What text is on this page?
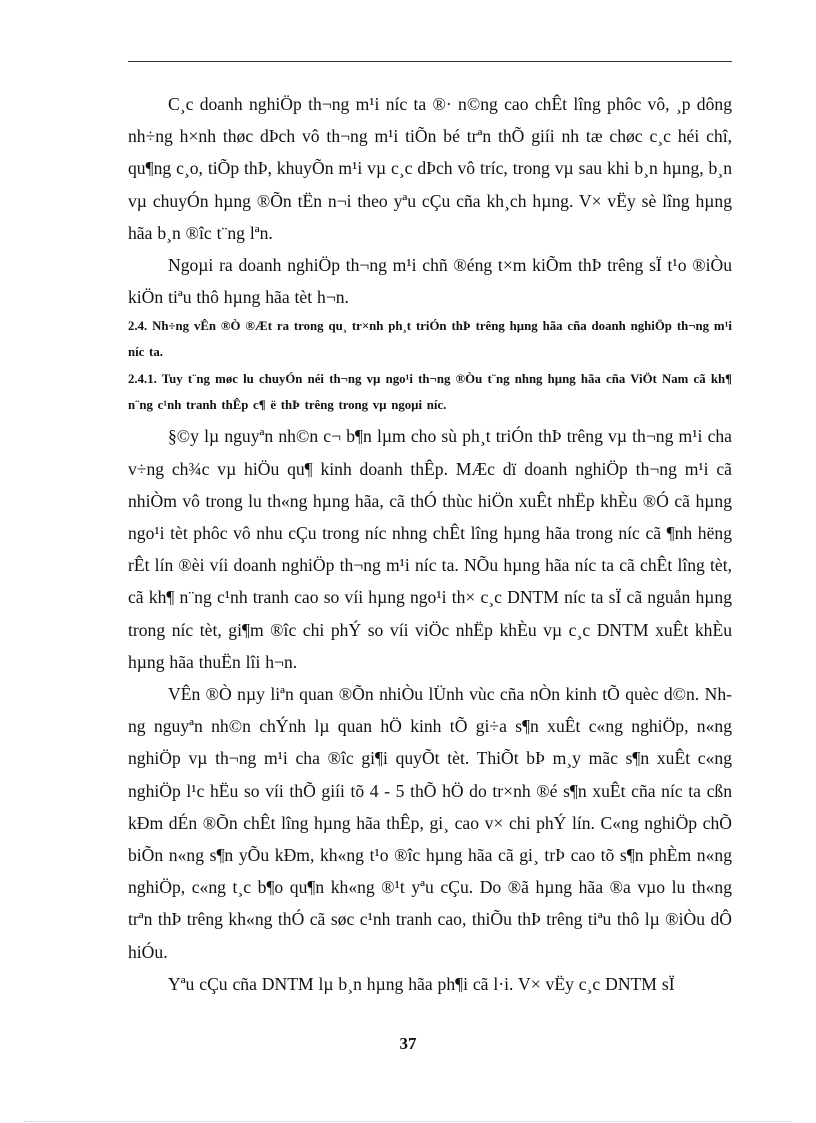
C¸c doanh nghiÖp th¬ng m¹i níc ta ®· n©ng cao chÊt lîng phôc vô, ¸p dông nh÷ng h×nh thøc dÞch vô th¬ng m¹i tiÕn bé trªn thÕ giíi nh tæ chøc c¸c héi chî, qu¶ng c¸o, tiÕp thÞ, khuyÕn m¹i vµ c¸c dÞch vô tríc, trong vµ sau khi b¸n hµng, b¸n vµ chuyÓn hµng ®Õn tËn n¬i theo yªu cÇu cña kh¸ch hµng. V× vËy sè lîng hµng hãa b¸n ®îc t¨ng lªn.

Ngoµi ra doanh nghiÖp th¬ng m¹i chñ ®éng t×m kiÕm thÞ trêng sÏ t¹o ®iÒu kiÖn tiªu thô hµng hãa tèt h¬n.

2.4. Nh÷ng vÊn ®Ò ®Æt ra trong qu¸ tr×nh ph¸t triÓn thÞ trêng hµng hãa cña doanh nghiÖp th¬ng m¹i níc ta.

2.4.1. Tuy t¨ng møc lu chuyÓn néi th¬ng vµ ngo¹i th¬ng ®Òu t¨ng nhng hµng hãa cña ViÖt Nam cã kh¶ n¨ng c¹nh tranh thÊp c¶ ë thÞ trêng trong vµ ngoµi níc.

§©y lµ nguyªn nh©n c¬ b¶n lµm cho sù ph¸t triÓn thÞ trêng vµ th¬ng m¹i cha v÷ng ch¾c vµ hiÖu qu¶ kinh doanh thÊp. MÆc dï doanh nghiÖp th¬ng m¹i cã nhiÒm vô trong lu th«ng hµng hãa, cã thÓ thùc hiÖn xuÊt nhËp khÈu ®Ó cã hµng ngo¹i tèt phôc vô nhu cÇu trong níc nhng chÊt lîng hµng hãa trong níc cã ¶nh hëng rÊt lín ®èi víi doanh nghiÖp th¬ng m¹i níc ta. NÕu hµng hãa níc ta cã chÊt lîng tèt, cã kh¶ n¨ng c¹nh tranh cao so víi hµng ngo¹i th× c¸c DNTM níc ta sÏ cã nguån hµng trong níc tèt, gi¶m ®îc chi phÝ so víi viÖc nhËp khÈu vµ c¸c DNTM xuÊt khÈu hµng hãa thuËn lîi h¬n.

VÊn ®Ò nµy liªn quan ®Õn nhiÒu lÜnh vùc cña nÒn kinh tÕ quèc d©n. Nhng nguyªn nh©n chÝnh lµ quan hÖ kinh tÕ gi÷a s¶n xuÊt c«ng nghiÖp, n«ng nghiÖp vµ th¬ng m¹i cha ®îc gi¶i quyÕt tèt. ThiÕt bÞ m¸y mãc s¶n xuÊt c«ng nghiÖp l¹c hËu so víi thÕ giíi tõ 4 - 5 thÕ hÖ do tr×nh ®é s¶n xuÊt cña níc ta cßn kÐm dÉn ®Õn chÊt lîng hµng hãa thÊp, gi¸ cao v× chi phÝ lín. C«ng nghiÖp chÕ biÕn n«ng s¶n yÕu kÐm, kh«ng t¹o ®îc hµng hãa cã gi¸ trÞ cao tõ s¶n phÈm n«ng nghiÖp, c«ng t¸c b¶o qu¶n kh«ng ®¹t yªu cÇu. Do ®ã hµng hãa ®a vµo lu th«ng trªn thÞ trêng kh«ng thÓ cã søc c¹nh tranh cao, thiÕu thÞ trêng tiªu thô lµ ®iÒu dÔ hiÓu.

Yªu cÇu cña DNTM lµ b¸n hµng hãa ph¶i cã l·i. V× vËy c¸c DNTM sÏ

37
